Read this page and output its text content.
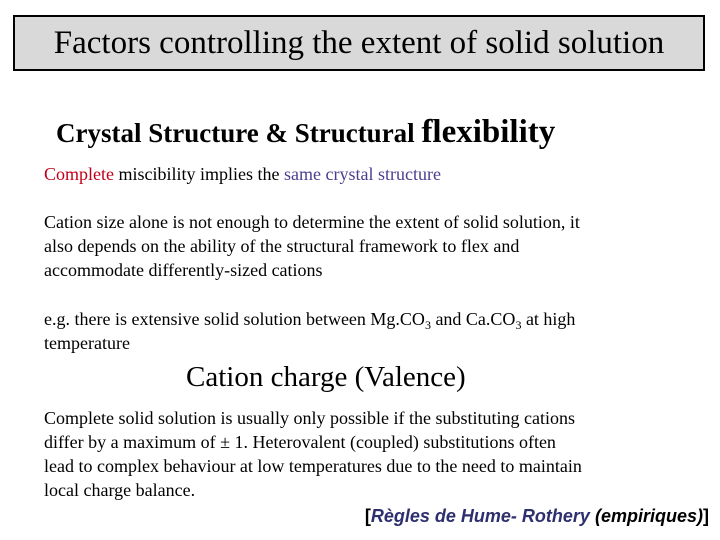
Factors controlling the extent of solid solution
Crystal Structure & Structural flexibility
Complete miscibility implies the same crystal structure
Cation size alone is not enough to determine the extent of solid solution, it
also depends on the ability of the structural framework to flex and
accommodate differently-sized cations
e.g. there is extensive solid solution between $Mg.CO_3$ and $Ca.CO_3$ at high
temperature
Cation charge (Valence)
Complete solid solution is usually only possible if the substituting cations
differ by a maximum of ± 1. Heterovalent (coupled) substitutions often
lead to complex behaviour at low temperatures due to the need to maintain
local charge balance.
[Règles de Hume- Rothery (empiriques)]
